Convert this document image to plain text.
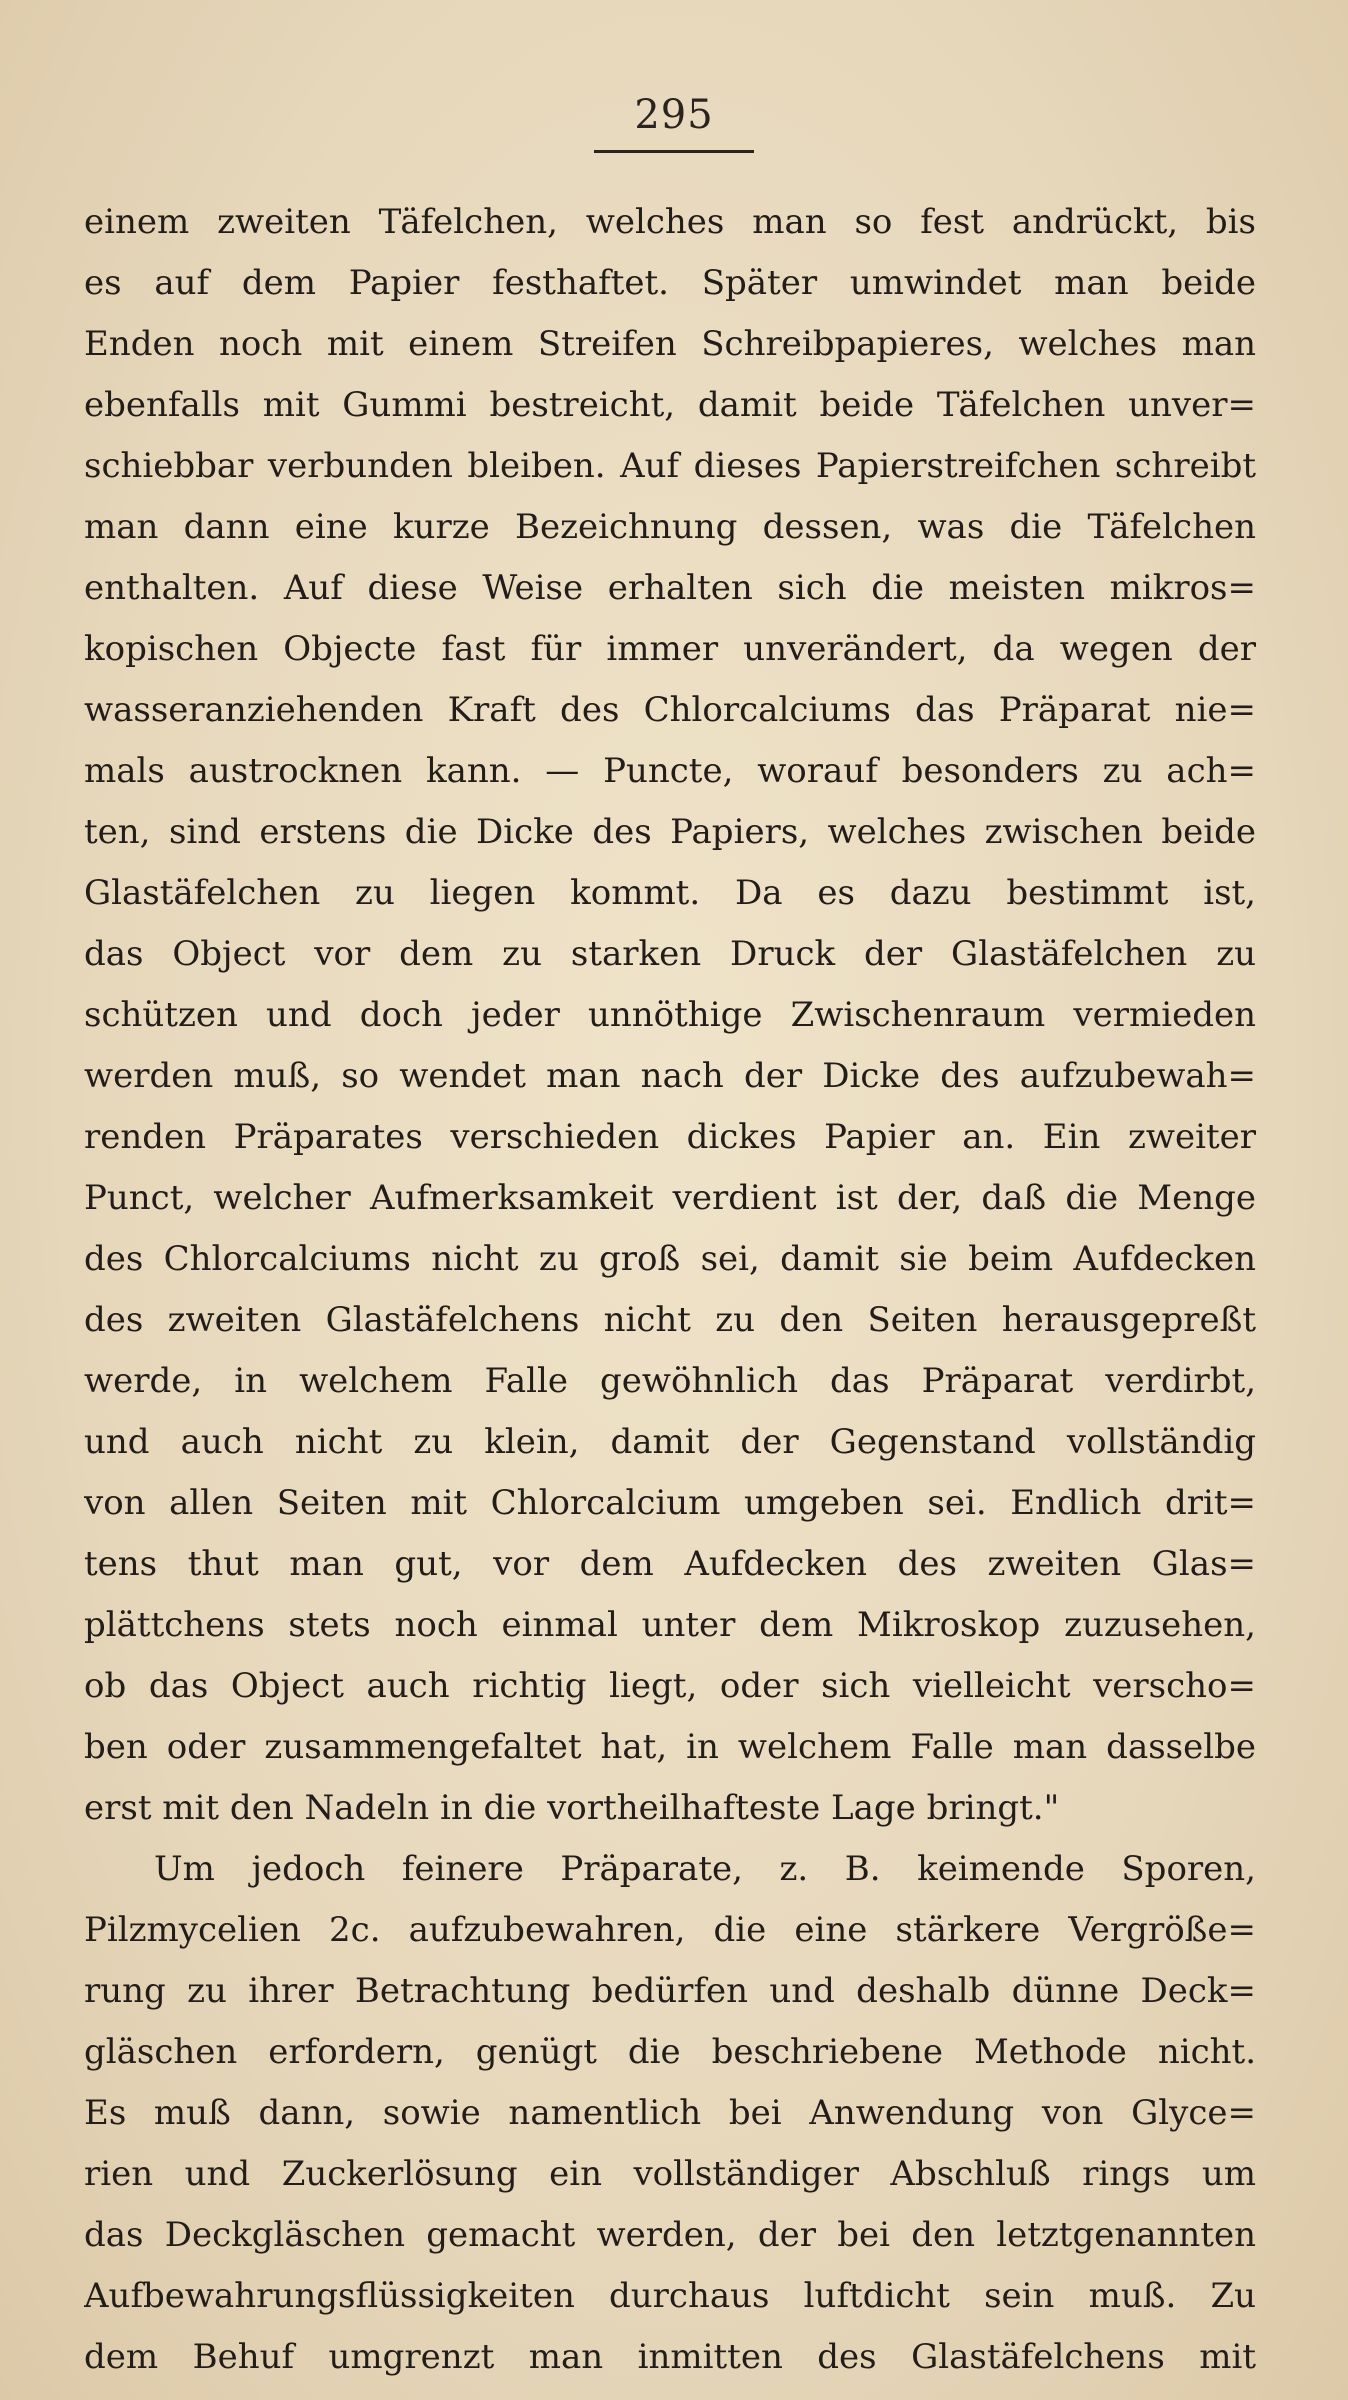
295
einem zweiten Täfelchen, welches man so fest andrückt, bis
es auf dem Papier festhaftet. Später umwindet man beide
Enden noch mit einem Streifen Schreibpapieres, welches man
ebenfalls mit Gummi bestreicht, damit beide Täfelchen unver=
schiebbar verbunden bleiben. Auf dieses Papierstreifchen schreibt
man dann eine kurze Bezeichnung dessen, was die Täfelchen
enthalten. Auf diese Weise erhalten sich die meisten mikros=
kopischen Objecte fast für immer unverändert, da wegen der
wasseranziehenden Kraft des Chlorcalciums das Präparat nie=
mals austrocknen kann. — Puncte, worauf besonders zu ach=
ten, sind erstens die Dicke des Papiers, welches zwischen beide
Glastäfelchen zu liegen kommt. Da es dazu bestimmt ist,
das Object vor dem zu starken Druck der Glastäfelchen zu
schützen und doch jeder unnöthige Zwischenraum vermieden
werden muß, so wendet man nach der Dicke des aufzubewah=
renden Präparates verschieden dickes Papier an. Ein zweiter
Punct, welcher Aufmerksamkeit verdient ist der, daß die Menge
des Chlorcalciums nicht zu groß sei, damit sie beim Aufdecken
des zweiten Glastäfelchens nicht zu den Seiten herausgepreßt
werde, in welchem Falle gewöhnlich das Präparat verdirbt,
und auch nicht zu klein, damit der Gegenstand vollständig
von allen Seiten mit Chlorcalcium umgeben sei. Endlich drit=
tens thut man gut, vor dem Aufdecken des zweiten Glas=
plättchens stets noch einmal unter dem Mikroskop zuzusehen,
ob das Object auch richtig liegt, oder sich vielleicht verscho=
ben oder zusammengefaltet hat, in welchem Falle man dasselbe
erst mit den Nadeln in die vortheilhafteste Lage bringt."
Um jedoch feinere Präparate, z. B. keimende Sporen,
Pilzmycelien 2c. aufzubewahren, die eine stärkere Vergröße=
rung zu ihrer Betrachtung bedürfen und deshalb dünne Deck=
gläschen erfordern, genügt die beschriebene Methode nicht.
Es muß dann, sowie namentlich bei Anwendung von Glyce=
rien und Zuckerlösung ein vollständiger Abschluß rings um
das Deckgläschen gemacht werden, der bei den letztgenannten
Aufbewahrungsflüssigkeiten durchaus luftdicht sein muß. Zu
dem Behuf umgrenzt man inmitten des Glastäfelchens mit
